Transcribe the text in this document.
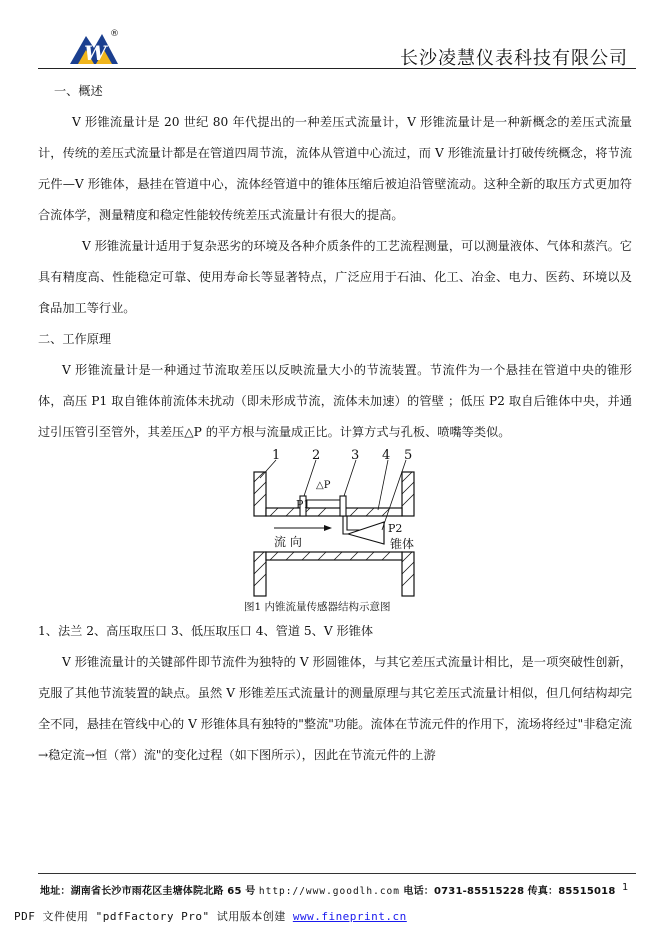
W
®
长沙凌慧仪表科技有限公司

一、概述

V 形锥流量计是 20 世纪 80 年代提出的一种差压式流量计，V 形锥流量计是一种新概念的差压式流量计，传统的差压式流量计都是在管道四周节流，流体从管道中心流过，而 V 形锥流量计打破传统概念，将节流元件—V 形锥体，悬挂在管道中心，流体经管道中的锥体压缩后被迫沿管壁流动。这种全新的取压方式更加符合流体学，测量精度和稳定性能较传统差压式流量计有很大的提高。

V 形锥流量计适用于复杂恶劣的环境及各种介质条件的工艺流程测量，可以测量液体、气体和蒸汽。它具有精度高、性能稳定可靠、使用寿命长等显著特点，广泛应用于石油、化工、冶金、电力、医药、环境以及食品加工等行业。

二、工作原理

V 形锥流量计是一种通过节流取差压以反映流量大小的节流装置。节流件为一个悬挂在管道中央的锥形体，高压 P1 取自锥体前流体未扰动（即未形成节流，流体未加速）的管壁 ；低压 P2 取自后锥体中央，并通过引压管引至管外，其差压△P 的平方根与流量成正比。计算方式与孔板、喷嘴等类似。

1 2 3 4 5
△P
P1
P2
流 向	锥体
图1 内锥流量传感器结构示意图

1、法兰 2、高压取压口 3、低压取压口 4、管道 5、V 形锥体

V 形锥流量计的关键部件即节流件为独特的 V 形圆锥体，与其它差压式流量计相比，是一项突破性创新，克服了其他节流装置的缺点。虽然 V 形锥差压式流量计的测量原理与其它差压式流量计相似，但几何结构却完全不同，悬挂在管线中心的 V 形锥体具有独特的"整流"功能。流体在节流元件的作用下，流场将经过"非稳定流→稳定流→恒（常）流"的变化过程（如下图所示），因此在节流元件的上游

地址：湖南省长沙市雨花区圭塘体院北路 65 号 http://www.goodlh.com 电话：0731-85515228 传真：85515018 1
PDF 文件使用 "pdfFactory Pro" 试用版本创建 www.fineprint.cn
